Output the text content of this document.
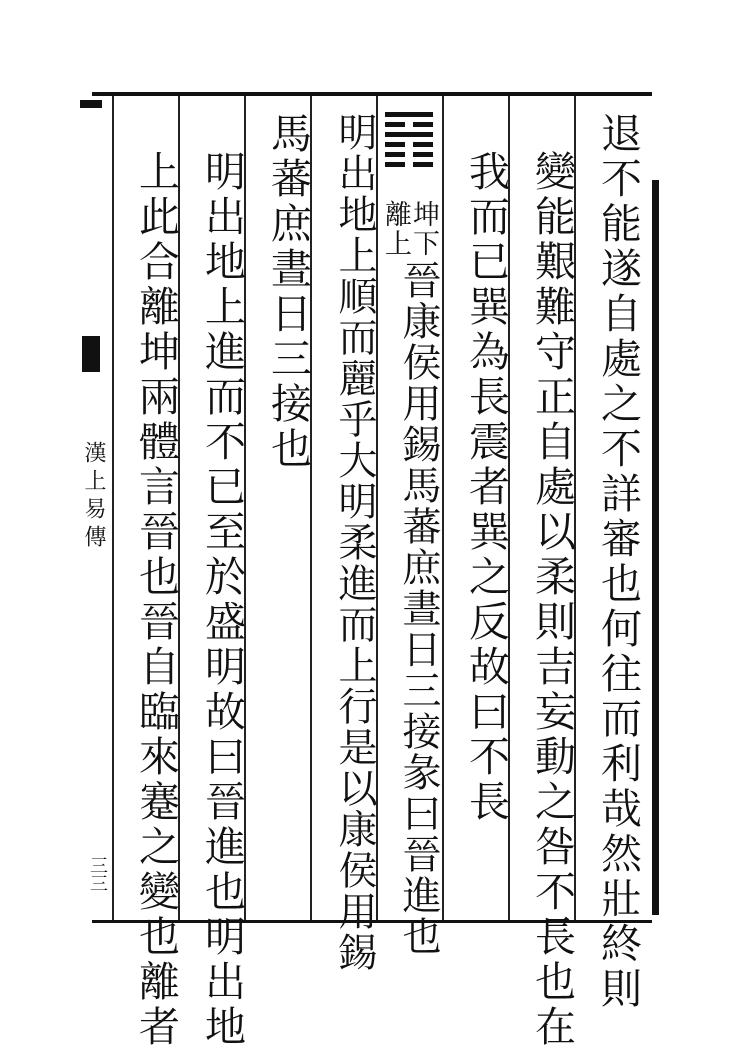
漢上易傳
三三	退不能遂自處之不詳審也何往而利哉然壯終則
變能艱難守正自處以柔則吉妄動之咎不長也在
我而已巽為長震者巽之反故曰不長
坤下
離上
晉康侯用錫馬蕃庶晝日三接彖曰晉進也
明出地上順而麗乎大明柔進而上行是以康侯用錫
馬蕃庶晝日三接也
明出地上進而不已至於盛明故曰晉進也明出地
上此合離坤兩體言晉也晉自臨來蹇之變也離者
